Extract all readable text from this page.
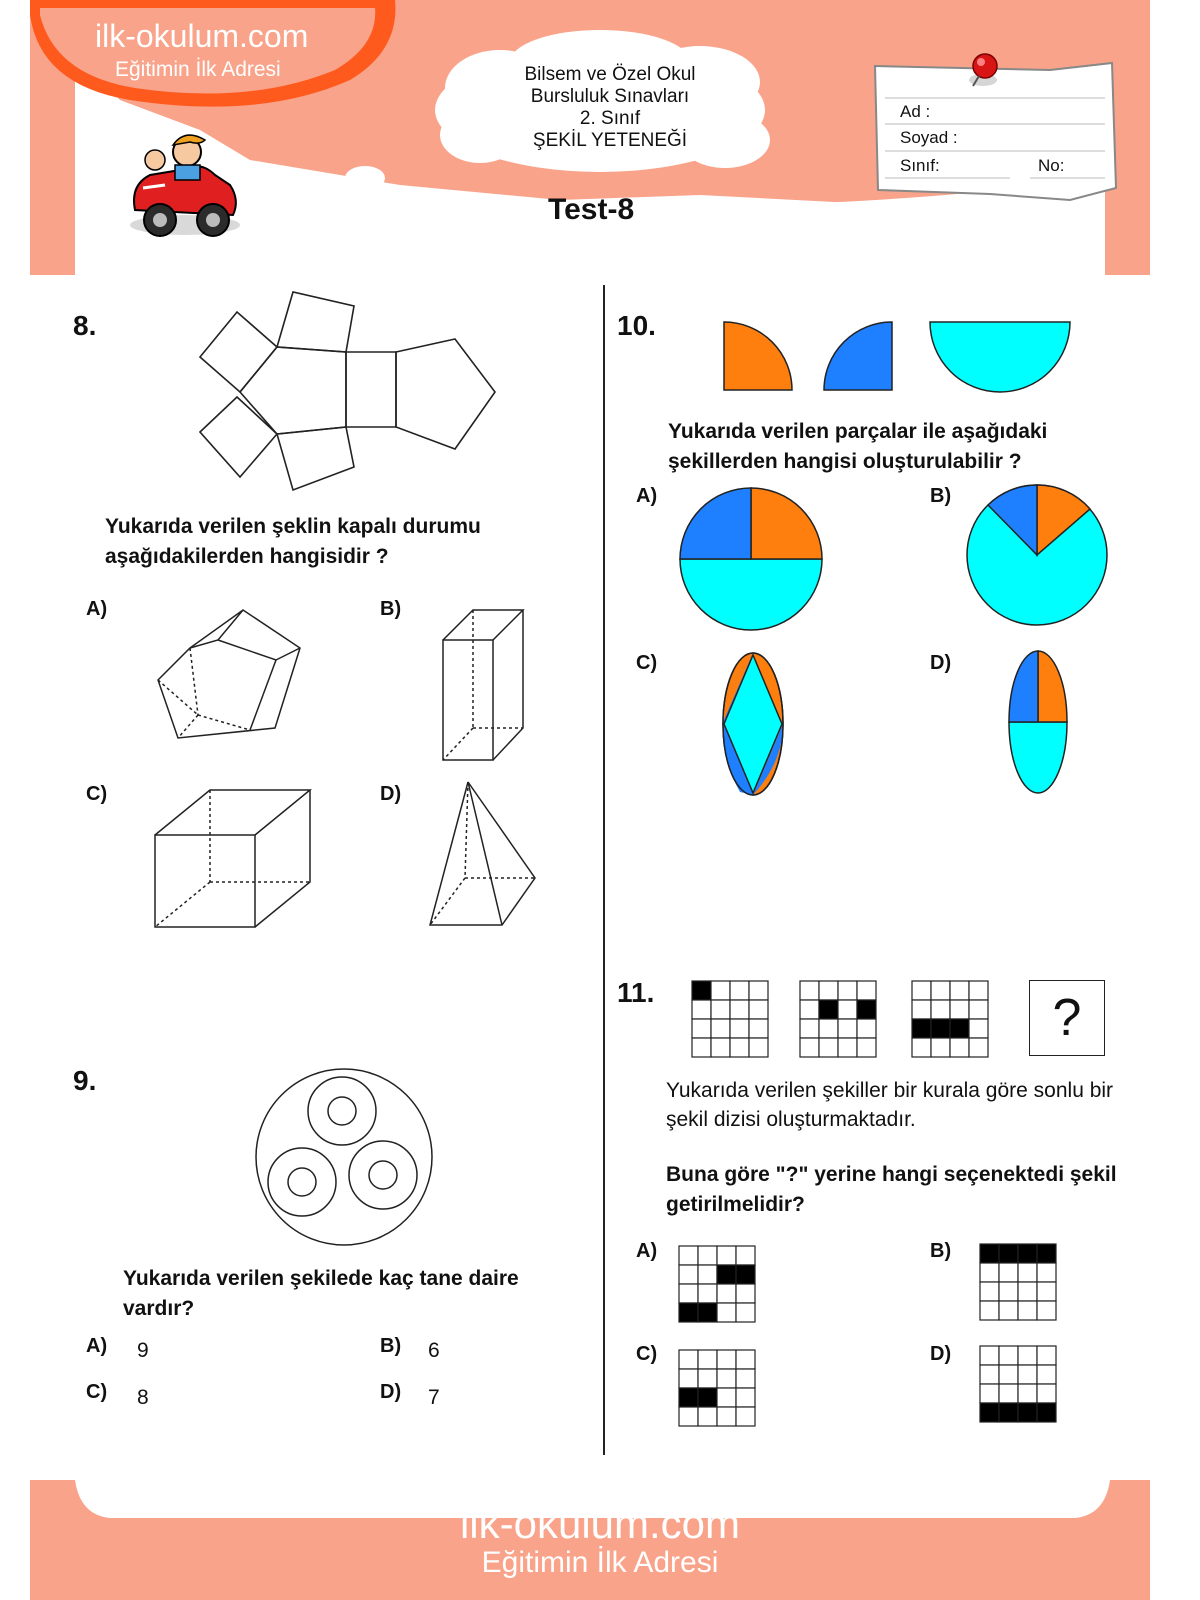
ilk-okulum.com
Eğitimin İlk Adresi	Bilsem ve Özel Okul
Bursluluk Sınavları
2. Sınıf
ŞEKİL YETENEĞİ
Test-8
Ad :
Soyad :
Sınıf:	No:
8.
Yukarıda verilen şeklin kapalı durumu aşağıdakilerden hangisidir ?
A)	B)
C)	D)
9.
Yukarıda verilen şekilede kaç tane daire vardır?
A) 9	B) 6
C) 8	D) 7
10.
Yukarıda verilen parçalar ile aşağıdaki şekillerden hangisi oluşturulabilir ?
A)	B)
C)	D)
11.	?
Yukarıda verilen şekiller bir kurala göre sonlu bir şekil dizisi oluşturmaktadır.
Buna göre "?" yerine hangi seçenektedi şekil getirilmelidir?
A)	B)
C)	D)
ilk-okulum.com
Eğitimin İlk Adresi
